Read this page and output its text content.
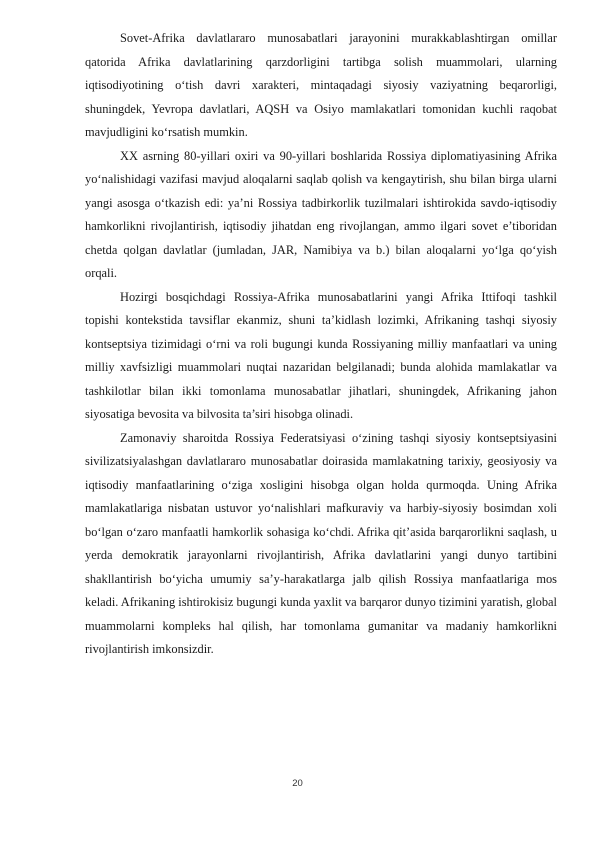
Sovet-Afrika davlatlararo munosabatlari jarayonini murakkablashtirgan omillar qatorida Afrika davlatlarining qarzdorligini tartibga solish muammolari, ularning iqtisodiyotining o‘tish davri xarakteri, mintaqadagi siyosiy vaziyatning beqarorligi, shuningdek, Yevropa davlatlari, AQSH va Osiyo mamlakatlari tomonidan kuchli raqobat mavjudligini ko‘rsatish mumkin.

XX asrning 80-yillari oxiri va 90-yillari boshlarida Rossiya diplomatiyasining Afrika yo‘nalishidagi vazifasi mavjud aloqalarni saqlab qolish va kengaytirish, shu bilan birga ularni yangi asosga o‘tkazish edi: ya’ni Rossiya tadbirkorlik tuzilmalari ishtirokida savdo-iqtisodiy hamkorlikni rivojlantirish, iqtisodiy jihatdan eng rivojlangan, ammo ilgari sovet e’tiboridan chetda qolgan davlatlar (jumladan, JAR, Namibiya va b.) bilan aloqalarni yo‘lga qo‘yish orqali.

Hozirgi bosqichdagi Rossiya-Afrika munosabatlarini yangi Afrika Ittifoqi tashkil topishi kontekstida tavsiflar ekanmiz, shuni ta’kidlash lozimki, Afrikaning tashqi siyosiy kontseptsiya tizimidagi o‘rni va roli bugungi kunda Rossiyaning milliy manfaatlari va uning milliy xavfsizligi muammolari nuqtai nazaridan belgilanadi; bunda alohida mamlakatlar va tashkilotlar bilan ikki tomonlama munosabatlar jihatlari, shuningdek, Afrikaning jahon siyosatiga bevosita va bilvosita ta’siri hisobga olinadi.

Zamonaviy sharoitda Rossiya Federatsiyasi o‘zining tashqi siyosiy kontseptsiyasini sivilizatsiyalashgan davlatlararo munosabatlar doirasida mamlakatning tarixiy, geosiyosiy va iqtisodiy manfaatlarining o‘ziga xosligini hisobga olgan holda qurmoqda. Uning Afrika mamlakatlariga nisbatan ustuvor yo‘nalishlari mafkuraviy va harbiy-siyosiy bosimdan xoli bo‘lgan o‘zaro manfaatli hamkorlik sohasiga ko‘chdi. Afrika qit’asida barqarorlikni saqlash, u yerda demokratik jarayonlarni rivojlantirish, Afrika davlatlarini yangi dunyo tartibini shakllantirish bo‘yicha umumiy sa’y-harakatlarga jalb qilish Rossiya manfaatlariga mos keladi. Afrikaning ishtirokisiz bugungi kunda yaxlit va barqaror dunyo tizimini yaratish, global muammolarni kompleks hal qilish, har tomonlama gumanitar va madaniy hamkorlikni rivojlantirish imkonsizdir.

20
